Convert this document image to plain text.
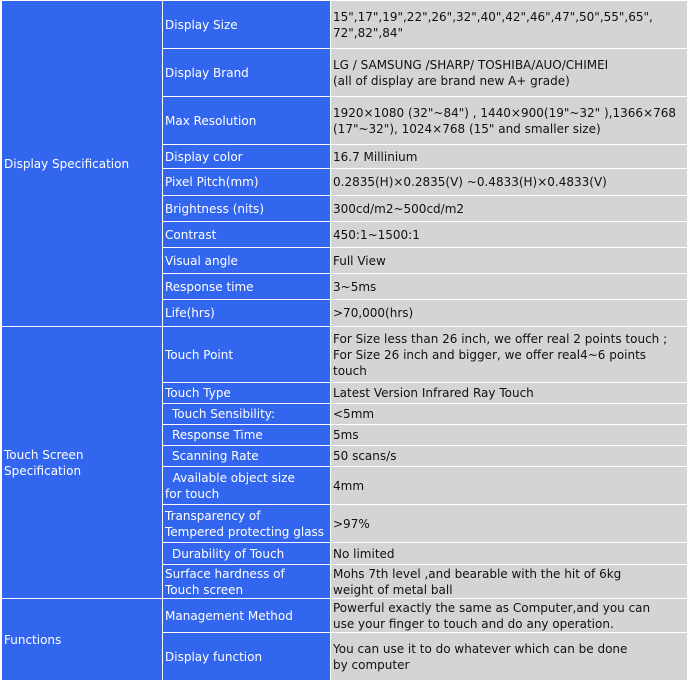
Display Specification	Display Size	15",17",19",22",26",32",40",42",46",47",50",55",65",
72",82",84"
	Display Brand	LG / SAMSUNG /SHARP/ TOSHIBA/AUO/CHIMEI
(all of display are brand new A+ grade)
	Max Resolution	1920×1080 (32"~84") , 1440×900(19"~32" ),1366×768
(17"~32"), 1024×768 (15" and smaller size)
	Display color	16.7 Millinium
	Pixel Pitch(mm)	0.2835(H)×0.2835(V) ~0.4833(H)×0.4833(V)
	Brightness (nits)	300cd/m2~500cd/m2
	Contrast	450:1~1500:1
	Visual angle	Full View
	Response time	3~5ms
	Life(hrs)	>70,000(hrs)
Touch Screen Specification	Touch Point	For Size less than 26 inch, we offer real 2 points touch ;
For Size 26 inch and bigger, we offer real4~6 points
touch
	Touch Type	Latest Version Infrared Ray Touch
	Touch Sensibility:	<5mm
	Response Time	5ms
	Scanning Rate	50 scans/s
	Available object size
for touch	4mm
	Transparency of
Tempered protecting glass	>97%
	Durability of Touch	No limited
	Surface hardness of
Touch screen	Mohs 7th level ,and bearable with the hit of 6kg
weight of metal ball
Functions	Management Method	Powerful exactly the same as Computer,and you can
use your finger to touch and do any operation.
	Display function	You can use it to do whatever which can be done
by computer
